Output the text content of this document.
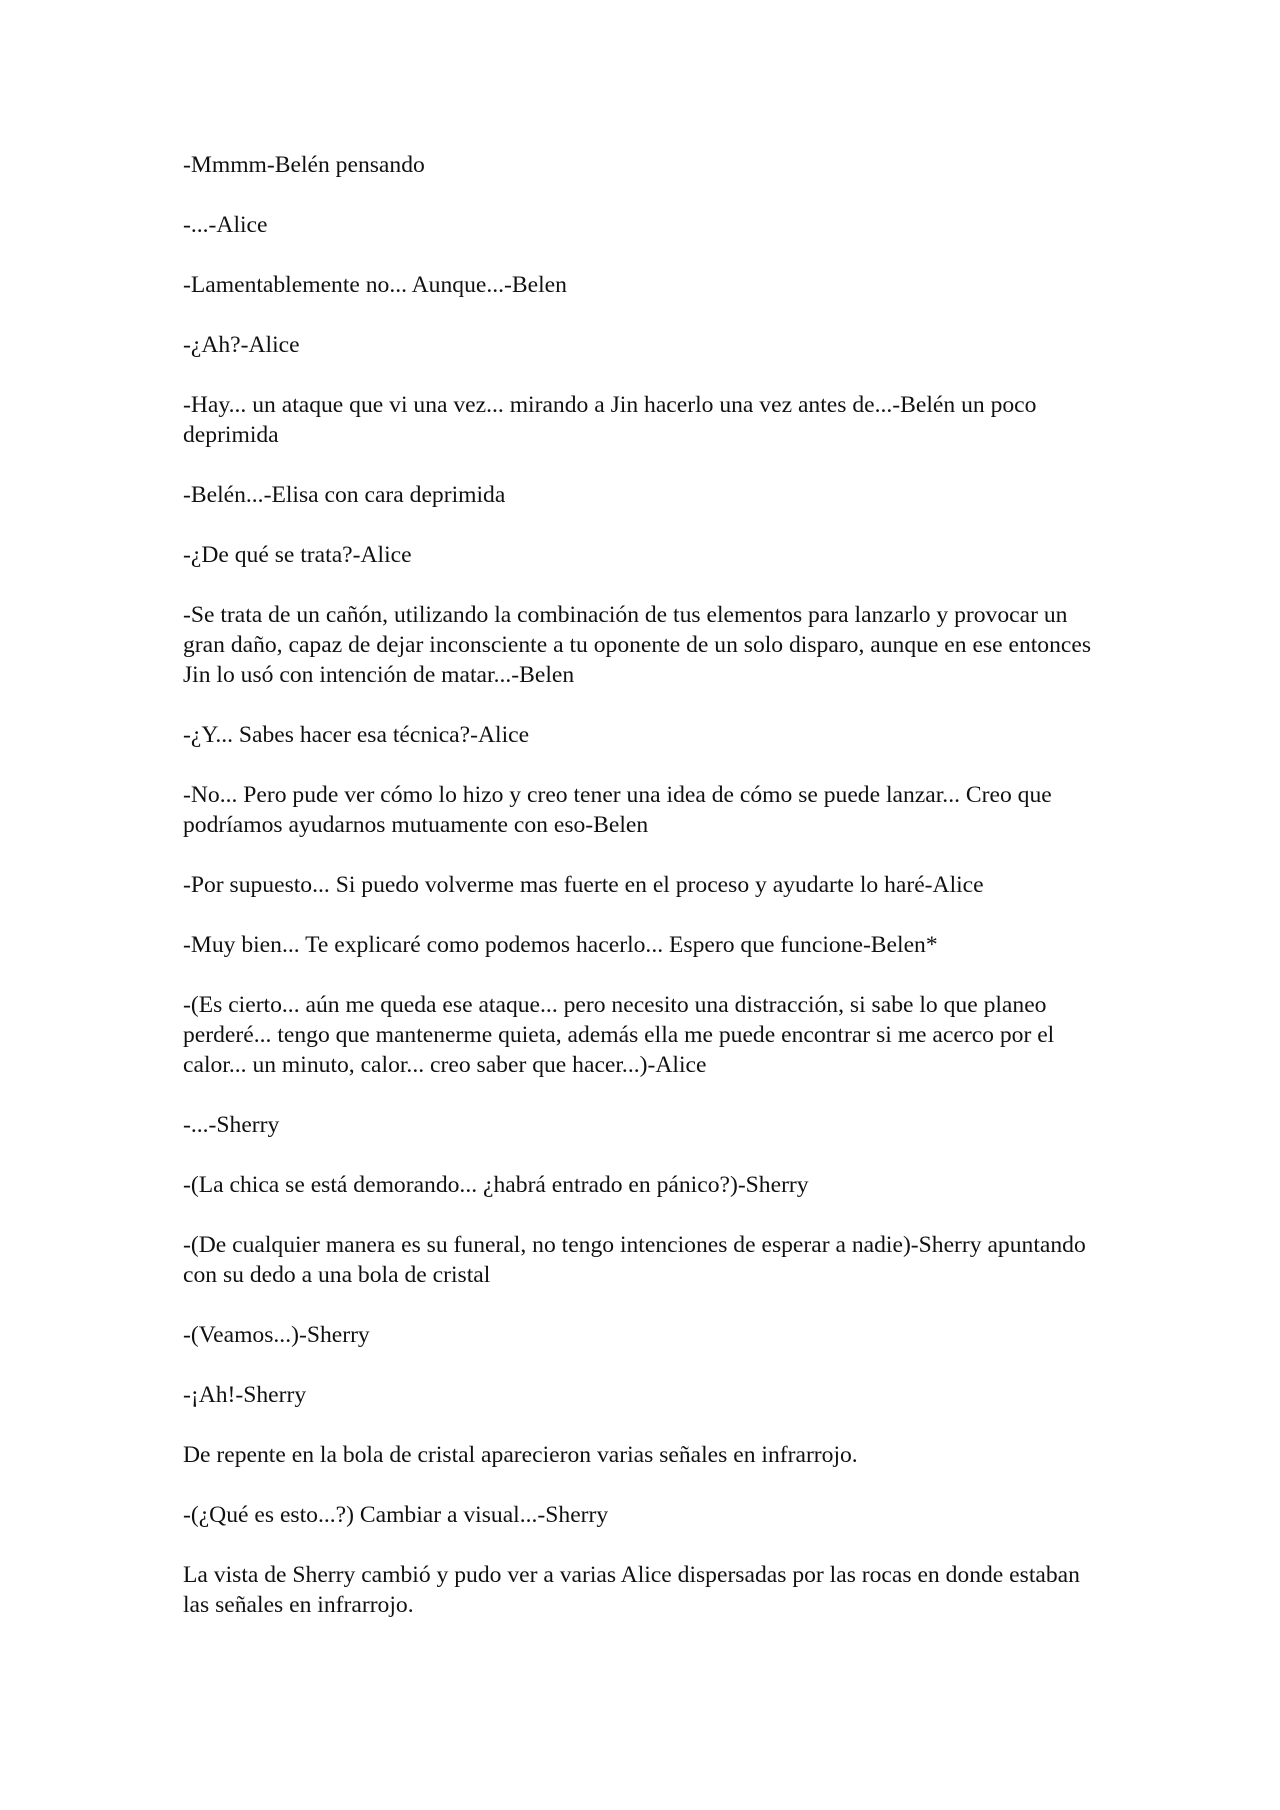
-Mmmm-Belén pensando

-...-Alice

-Lamentablemente no... Aunque...-Belen

-¿Ah?-Alice

-Hay... un ataque que vi una vez... mirando a Jin hacerlo una vez antes de...-Belén un poco deprimida

-Belén...-Elisa con cara deprimida

-¿De qué se trata?-Alice

-Se trata de un cañón, utilizando la combinación de tus elementos para lanzarlo y provocar un gran daño, capaz de dejar inconsciente a tu oponente de un solo disparo, aunque en ese entonces Jin lo usó con intención de matar...-Belen

-¿Y... Sabes hacer esa técnica?-Alice

-No... Pero pude ver cómo lo hizo y creo tener una idea de cómo se puede lanzar... Creo que podríamos ayudarnos mutuamente con eso-Belen

-Por supuesto... Si puedo volverme mas fuerte en el proceso y ayudarte lo haré-Alice

-Muy bien... Te explicaré como podemos hacerlo... Espero que funcione-Belen*

-(Es cierto... aún me queda ese ataque... pero necesito una distracción, si sabe lo que planeo perderé... tengo que mantenerme quieta, además ella me puede encontrar si me acerco por el calor... un minuto, calor... creo saber que hacer...)-Alice

-...-Sherry

-(La chica se está demorando... ¿habrá entrado en pánico?)-Sherry

-(De cualquier manera es su funeral, no tengo intenciones de esperar a nadie)-Sherry apuntando con su dedo a una bola de cristal

-(Veamos...)-Sherry

-¡Ah!-Sherry

De repente en la bola de cristal aparecieron varias señales en infrarrojo.

-(¿Qué es esto...?) Cambiar a visual...-Sherry

La vista de Sherry cambió y pudo ver a varias Alice dispersadas por las rocas en donde estaban las señales en infrarrojo.
